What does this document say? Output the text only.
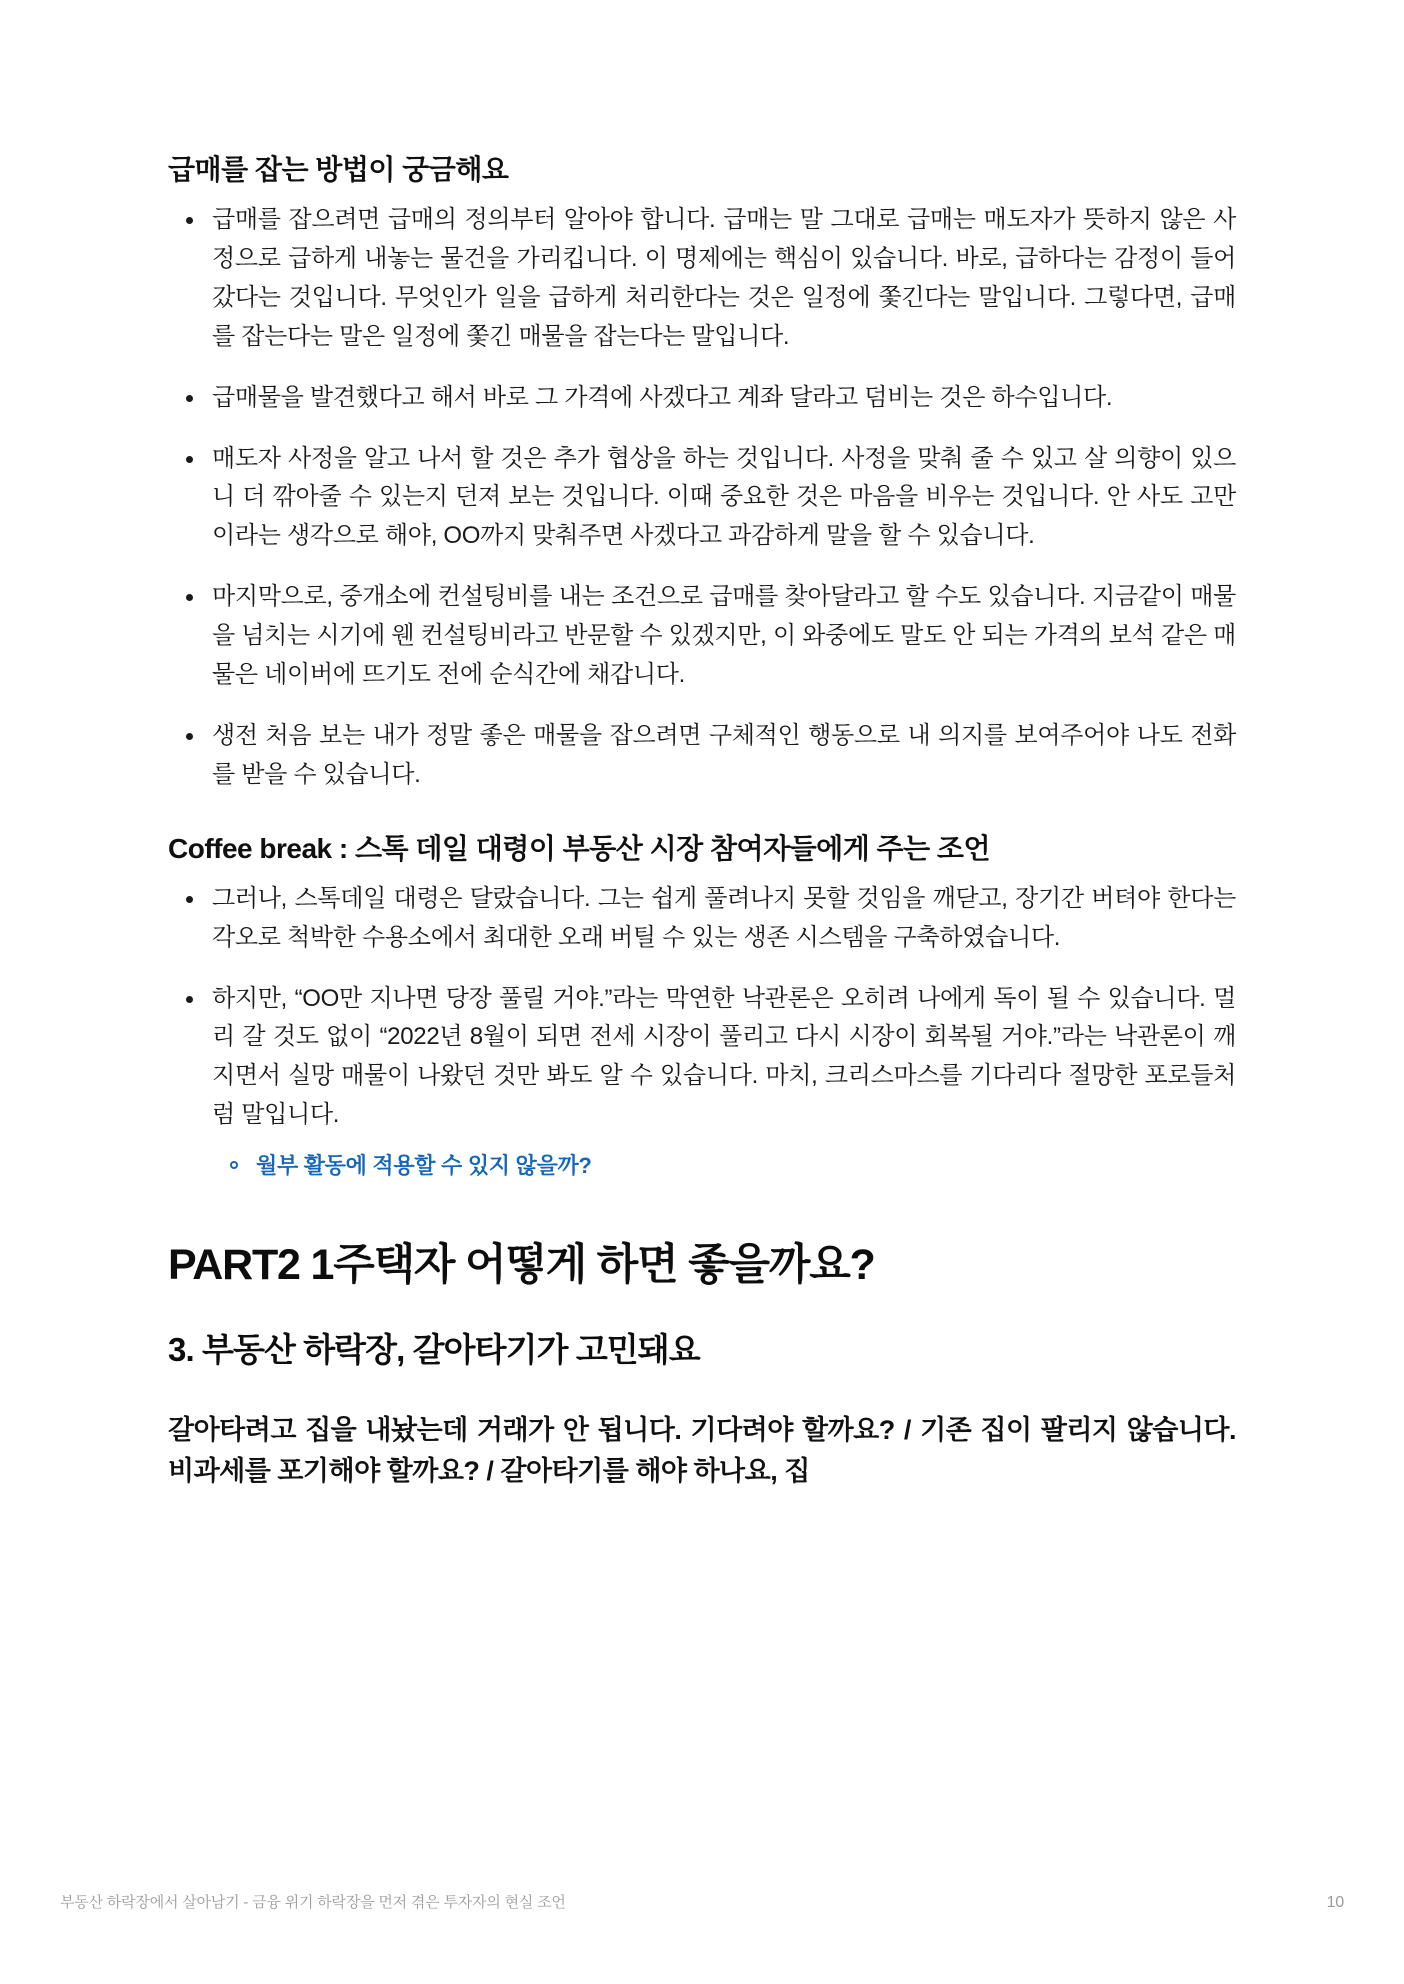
급매를 잡는 방법이 궁금해요
급매를 잡으려면 급매의 정의부터 알아야 합니다. 급매는 말 그대로 급매는 매도자가 뜻하지 않은 사정으로 급하게 내놓는 물건을 가리킵니다. 이 명제에는 핵심이 있습니다. 바로, 급하다는 감정이 들어갔다는 것입니다. 무엇인가 일을 급하게 처리한다는 것은 일정에 쫓긴다는 말입니다. 그렇다면, 급매를 잡는다는 말은 일정에 쫓긴 매물을 잡는다는 말입니다.
급매물을 발견했다고 해서 바로 그 가격에 사겠다고 계좌 달라고 덤비는 것은 하수입니다.
매도자 사정을 알고 나서 할 것은 추가 협상을 하는 것입니다. 사정을 맞춰 줄 수 있고 살 의향이 있으니 더 깎아줄 수 있는지 던져 보는 것입니다. 이때 중요한 것은 마음을 비우는 것입니다. 안 사도 고만이라는 생각으로 해야, OO까지 맞춰주면 사겠다고 과감하게 말을 할 수 있습니다.
마지막으로, 중개소에 컨설팅비를 내는 조건으로 급매를 찾아달라고 할 수도 있습니다. 지금같이 매물을 넘치는 시기에 웬 컨설팅비라고 반문할 수 있겠지만, 이 와중에도 말도 안 되는 가격의 보석 같은 매물은 네이버에 뜨기도 전에 순식간에 채갑니다.
생전 처음 보는 내가 정말 좋은 매물을 잡으려면 구체적인 행동으로 내 의지를 보여주어야 나도 전화를 받을 수 있습니다.
Coffee break : 스톡 데일 대령이 부동산 시장 참여자들에게 주는 조언
그러나, 스톡데일 대령은 달랐습니다. 그는 쉽게 풀려나지 못할 것임을 깨닫고, 장기간 버텨야 한다는 각오로 척박한 수용소에서 최대한 오래 버틸 수 있는 생존 시스템을 구축하였습니다.
하지만, “OO만 지나면 당장 풀릴 거야.”라는 막연한 낙관론은 오히려 나에게 독이 될 수 있습니다. 멀리 갈 것도 없이 “2022년 8월이 되면 전세 시장이 풀리고 다시 시장이 회복될 거야.”라는 낙관론이 깨지면서 실망 매물이 나왔던 것만 봐도 알 수 있습니다. 마치, 크리스마스를 기다리다 절망한 포로들처럼 말입니다.
월부 활동에 적용할 수 있지 않을까?
PART2 1주택자 어떻게 하면 좋을까요?
3. 부동산 하락장, 갈아타기가 고민돼요

갈아타려고 집을 내놨는데 거래가 안 됩니다. 기다려야 할까요? / 기존 집이 팔리지 않습니다. 비과세를 포기해야 할까요? / 갈아타기를 해야 하나요, 집

부동산 하락장에서 살아남기 - 금융 위기 하락장을 먼저 겪은 투자자의 현실 조언	10
